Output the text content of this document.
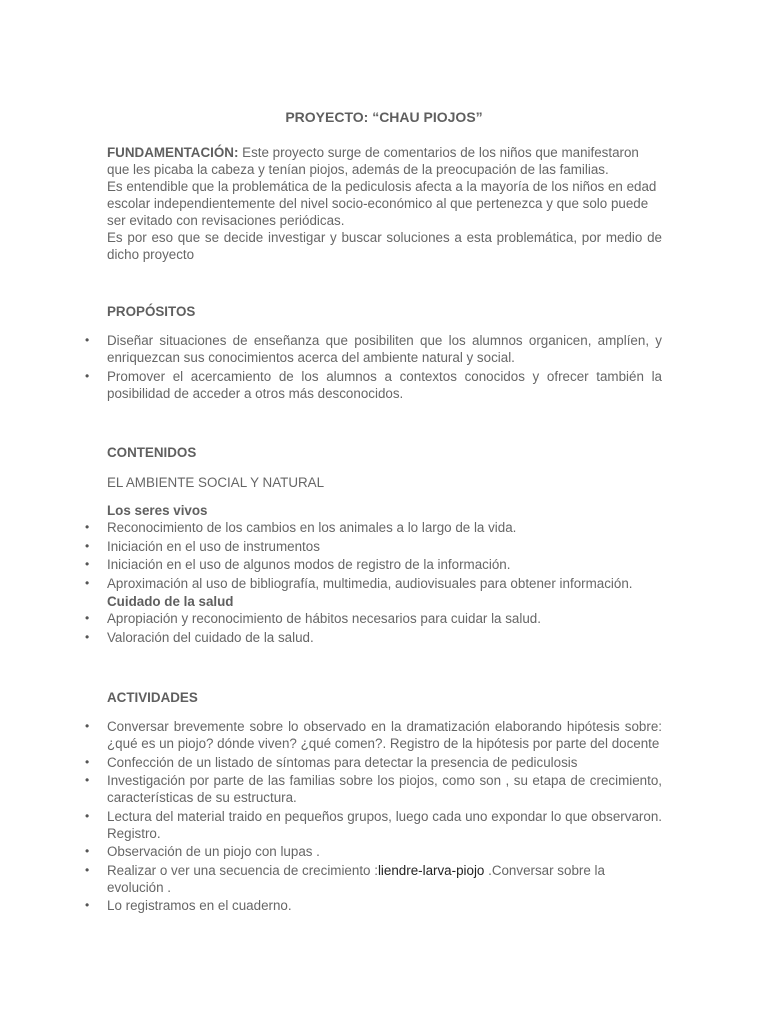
PROYECTO: “CHAU PIOJOS”

FUNDAMENTACIÓN: Este proyecto surge de comentarios de los niños que manifestaron que les picaba la cabeza y tenían piojos, además de la preocupación de las familias.

Es entendible que la problemática de la pediculosis afecta a la mayoría de los niños en edad escolar independientemente del nivel socio-económico al que pertenezca y que solo puede ser evitado con revisaciones periódicas.

Es por eso que se decide investigar y buscar soluciones a esta problemática, por medio de dicho proyecto

PROPÓSITOS
• Diseñar situaciones de enseñanza que posibiliten que los alumnos organicen, amplíen, y enriquezcan sus conocimientos acerca del ambiente natural y social.
• Promover el acercamiento de los alumnos a contextos conocidos y ofrecer también la posibilidad de acceder a otros más desconocidos.
CONTENIDOS
EL AMBIENTE SOCIAL Y NATURAL

Los seres vivos

• Reconocimiento de los cambios en los animales a lo largo de la vida.
• Iniciación en el uso de instrumentos
• Iniciación en el uso de algunos modos de registro de la información.
• Aproximación al uso de bibliografía, multimedia, audiovisuales para obtener información.

Cuidado de la salud

• Apropiación y reconocimiento de hábitos necesarios para cuidar la salud.
• Valoración del cuidado de la salud.
ACTIVIDADES
• Conversar brevemente sobre lo observado en la dramatización elaborando hipótesis sobre: ¿qué es un piojo? dónde viven? ¿qué comen?. Registro de la hipótesis por parte del docente
• Confección de un listado de síntomas para detectar la presencia de pediculosis
• Investigación por parte de las familias sobre los piojos, como son , su etapa de crecimiento, características de su estructura.
• Lectura del material traido en pequeños grupos, luego cada uno expondar lo que observaron. Registro.
• Observación de un piojo con lupas .
• Realizar o ver una secuencia de crecimiento :liendre-larva-piojo .Conversar sobre la evolución .
• Lo registramos en el cuaderno.
